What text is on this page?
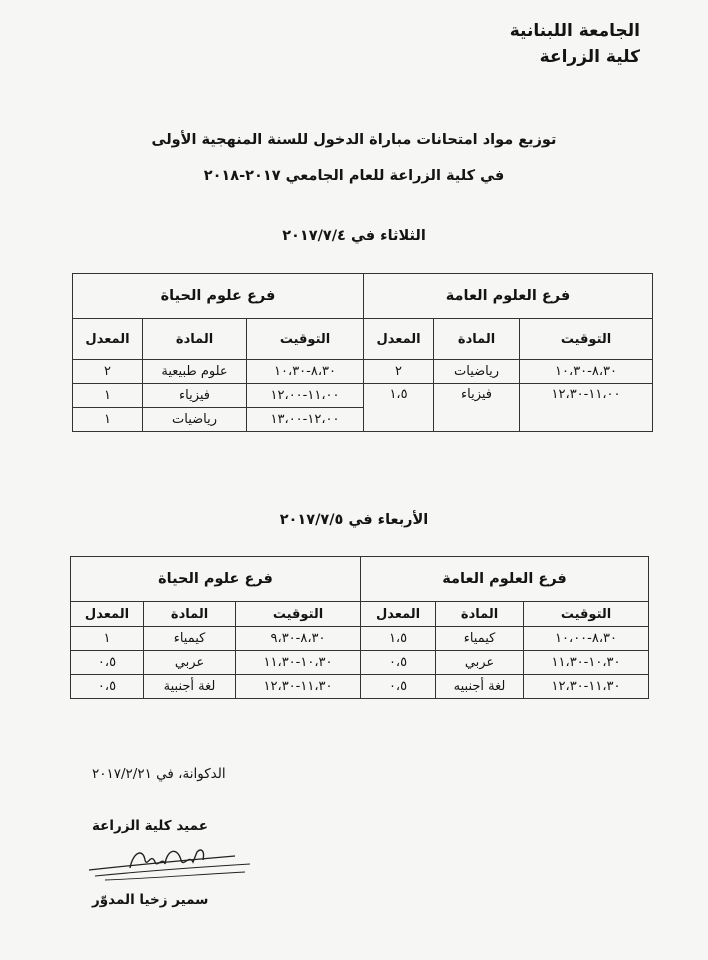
الجامعة اللبنانية
كلية الزراعة
توزيع مواد امتحانات مباراة الدخول للسنة المنهجية الأولى
في كلية الزراعة للعام الجامعي ٢٠١٧-٢٠١٨
الثلاثاء في ٢٠١٧/٧/٤
فرع العلوم العامة			فرع علوم الحياة		
التوقيت	المادة	المعدل	التوقيت	المادة	المعدل
٨،٣٠-١٠،٣٠	رياضيات	٢	٨،٣٠-١٠،٣٠	علوم طبيعية	٢
١١،٠٠-١٢،٣٠	فيزياء	١،٥	١١،٠٠-١٢،٠٠	فيزياء	١
			١٢،٠٠-١٣،٠٠	رياضيات	١
الأربعاء في ٢٠١٧/٧/٥
فرع العلوم العامة			فرع علوم الحياة		
التوقيت	المادة	المعدل	التوقيت	المادة	المعدل
٨،٣٠-١٠،٠٠	كيمياء	١،٥	٨،٣٠-٩،٣٠	كيمياء	١
١٠،٣٠-١١،٣٠	عربي	٠،٥	١٠،٣٠-١١،٣٠	عربي	٠،٥
١١،٣٠-١٢،٣٠	لغة أجنبيه	٠،٥	١١،٣٠-١٢،٣٠	لغة أجنبية	٠،٥
الدكوانة، في ٢٠١٧/٢/٢١
عميد كلية الزراعة
سمير زخيا المدوّر
